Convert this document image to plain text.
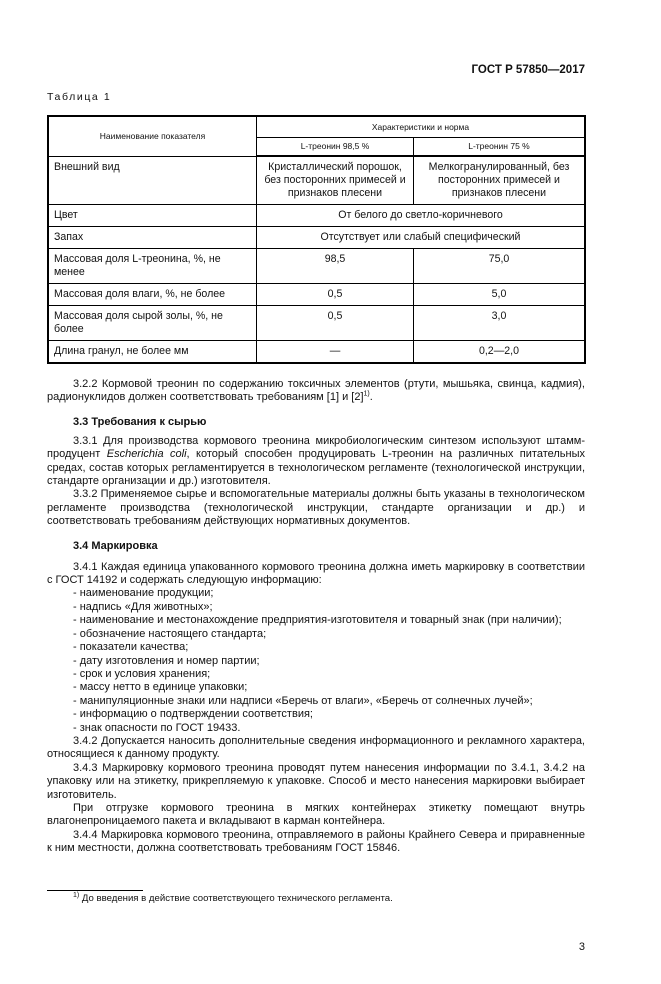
ГОСТ Р 57850—2017
Таблица 1
Наименование показателя	Характеристики и норма	
	L-треонин 98,5 %	L-треонин 75 %
Внешний вид	Кристаллический порошок, без посторонних примесей и признаков плесени	Мелкогранулированный, без посторонних примесей и признаков плесени
Цвет	От белого до светло-коричневого	
Запах	Отсутствует или слабый специфический	
Массовая доля L-треонина, %, не менее	98,5	75,0
Массовая доля влаги, %, не более	0,5	5,0
Массовая доля сырой золы, %, не более	0,5	3,0
Длина гранул, не более мм	—	0,2—2,0

3.2.2 Кормовой треонин по содержанию токсичных элементов (ртути, мышьяка, свинца, кадмия), радионуклидов должен соответствовать требованиям [1] и $[2]^{1)}$.

3.3 Требования к сырью

3.3.1 Для производства кормового треонина микробиологическим синтезом используют штамм-продуцент Escherichia coli, который способен продуцировать L-треонин на различных питательных средах, состав которых регламентируется в технологическом регламенте (технологической инструкции, стандарте организации и др.) изготовителя.

3.3.2 Применяемое сырье и вспомогательные материалы должны быть указаны в технологическом регламенте производства (технологической инструкции, стандарте организации и др.) и соответствовать требованиям действующих нормативных документов.

3.4 Маркировка

3.4.1 Каждая единица упакованного кормового треонина должна иметь маркировку в соответствии с ГОСТ 14192 и содержать следующую информацию:

- наименование продукции;
- надпись «Для животных»;
- наименование и местонахождение предприятия-изготовителя и товарный знак (при наличии);
- обозначение настоящего стандарта;
- показатели качества;
- дату изготовления и номер партии;
- срок и условия хранения;
- массу нетто в единице упаковки;
- манипуляционные знаки или надписи «Беречь от влаги», «Беречь от солнечных лучей»;
- информацию о подтверждении соответствия;
- знак опасности по ГОСТ 19433.

3.4.2 Допускается наносить дополнительные сведения информационного и рекламного характера, относящиеся к данному продукту.

3.4.3 Маркировку кормового треонина проводят путем нанесения информации по 3.4.1, 3.4.2 на упаковку или на этикетку, прикрепляемую к упаковке. Способ и место нанесения маркировки выбирает изготовитель.

При отгрузке кормового треонина в мягких контейнерах этикетку помещают внутрь влагонепроницаемого пакета и вкладывают в карман контейнера.

3.4.4 Маркировка кормового треонина, отправляемого в районы Крайнего Севера и приравненные к ним местности, должна соответствовать требованиям ГОСТ 15846.

$^{1)}$ До введения в действие соответствующего технического регламента.
3
